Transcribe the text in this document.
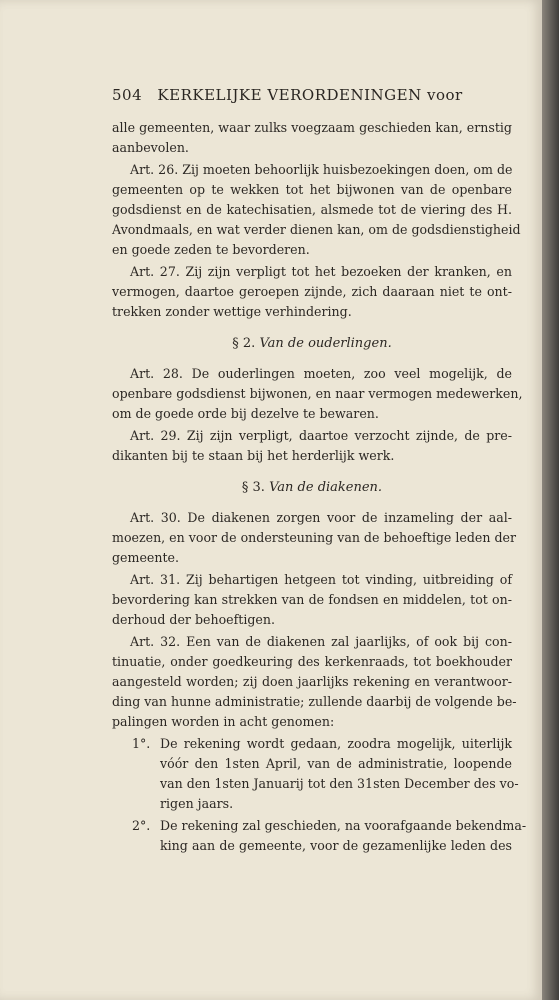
504 KERKELIJKE VERORDENINGEN voor
alle gemeenten, waar zulks voegzaam geschieden kan, ernstig
aanbevolen.
Art. 26. Zij moeten behoorlijk huisbezoekingen doen, om de
gemeenten op te wekken tot het bijwonen van de openbare
godsdienst en de katechisatien, alsmede tot de viering des H.
Avondmaals, en wat verder dienen kan, om de godsdienstigheid
en goede zeden te bevorderen.
Art. 27. Zij zijn verpligt tot het bezoeken der kranken, en
vermogen, daartoe geroepen zijnde, zich daaraan niet te ont-
trekken zonder wettige verhindering.
§ 2. Van de ouderlingen.
Art. 28. De ouderlingen moeten, zoo veel mogelijk, de
openbare godsdienst bijwonen, en naar vermogen medewerken,
om de goede orde bij dezelve te bewaren.
Art. 29. Zij zijn verpligt, daartoe verzocht zijnde, de pre-
dikanten bij te staan bij het herderlijk werk.
§ 3. Van de diakenen.
Art. 30. De diakenen zorgen voor de inzameling der aal-
moezen, en voor de ondersteuning van de behoeftige leden der
gemeente.
Art. 31. Zij behartigen hetgeen tot vinding, uitbreiding of
bevordering kan strekken van de fondsen en middelen, tot on-
derhoud der behoeftigen.
Art. 32. Een van de diakenen zal jaarlijks, of ook bij con-
tinuatie, onder goedkeuring des kerkenraads, tot boekhouder
aangesteld worden; zij doen jaarlijks rekening en verantwoor-
ding van hunne administratie; zullende daarbij de volgende be-
palingen worden in acht genomen:
1°. De rekening wordt gedaan, zoodra mogelijk, uiterlijk
vóór den 1sten April, van de administratie, loopende
van den 1sten Januarij tot den 31sten December des vo-
rigen jaars.
2°. De rekening zal geschieden, na voorafgaande bekendma-
king aan de gemeente, voor de gezamenlijke leden des
